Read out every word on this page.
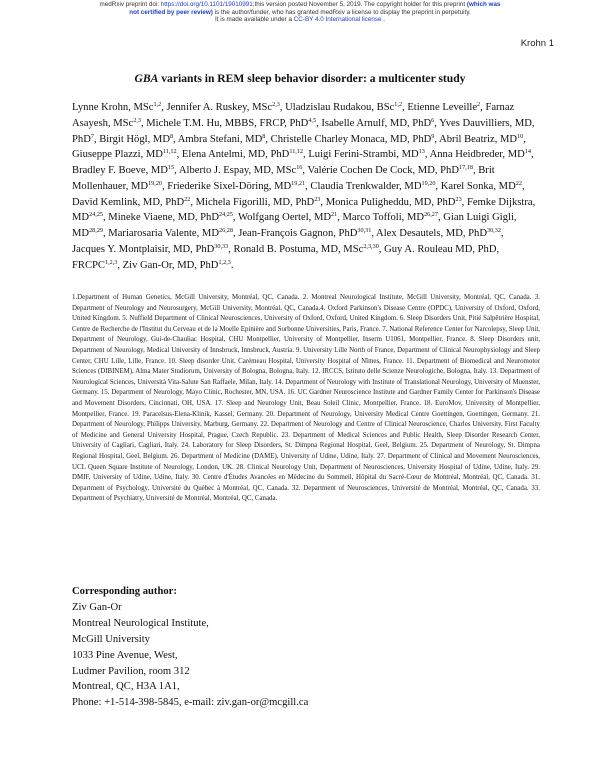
medRxiv preprint doi: https://doi.org/10.1101/19010991;this version posted November 5, 2019. The copyright holder for this preprint (which was
not certified by peer review) is the author/funder, who has granted medRxiv a license to display the preprint in perpetuity.
It is made available under a CC-BY 4.0 International license .
Krohn 1
GBA variants in REM sleep behavior disorder: a multicenter study
Lynne Krohn, MSc$^{1,2}$, Jennifer A. Ruskey, MSc$^{2,3}$, Uladzislau Rudakou, BSc$^{1,2}$, Etienne Leveille$^2$, Farnaz Asayesh, MSc$^{2,3}$, Michele T.M. Hu, MBBS, FRCP, PhD$^{4,5}$, Isabelle Arnulf, MD, PhD$^6$, Yves Dauvilliers, MD, PhD$^7$, Birgit Högl, $MD^8$, Ambra Stefani, $MD^8$, Christelle Charley Monaca, MD, PhD$^9$, Abril Beatriz, MD$^{10}$, Giuseppe Plazzi, MD$^{11,12}$, Elena Antelmi, MD, PhD$^{11,12}$, Luigi Ferini-Strambi, MD$^{13}$, Anna Heidbreder, MD$^{14}$, Bradley F. Boeve, MD$^{15}$, Alberto J. Espay, MD, MSc$^{16}$, Valérie Cochen De Cock, MD, PhD$^{17,18}$, Brit Mollenhauer, MD$^{19,20}$, Friederike Sixel-Döring, MD$^{19,21}$, Claudia Trenkwalder, MD$^{19,20}$, Karel Sonka, MD$^{22}$, David Kemlink, MD, PhD$^{22}$, Michela Figorilli, MD, PhD$^{23}$, Monica Puligheddu, MD, PhD$^{23}$, Femke Dijkstra, MD$^{24,25}$, Mineke Viaene, MD, PhD$^{24,25}$, Wolfgang Oertel, MD$^{21}$, Marco Toffoli, MD$^{26,27}$, Gian Luigi Gigli, MD$^{28,29}$, Mariarosaria Valente, MD$^{26,28}$, Jean-François Gagnon, PhD$^{30,31}$, Alex Desautels, MD, PhD$^{30,32}$, Jacques Y. Montplaisir, MD, PhD$^{30,33}$, Ronald B. Postuma, MD, MSc$^{2,3,30}$, Guy A. Rouleau MD, PhD, FRCPC$^{1,2,3}$, Ziv Gan-Or, MD, PhD$^{1,2,3}$.
1.Department of Human Genetics, McGill University, Montréal, QC, Canada. 2. Montreal Neurological Institute, McGill University, Montréal, QC, Canada. 3. Department of Neurology and Neurosurgery, McGill University, Montréal, QC, Canada.4. Oxford Parkinson's Disease Centre (OPDC), University of Oxford, Oxford, United Kingdom. 5. Nuffield Department of Clinical Neurosciences, University of Oxford, Oxford, United Kingdom. 6. Sleep Disorders Unit, Pitié Salpêtrière Hospital, Centre de Recherche de l'Institut du Cerveau et de la Moelle Epinière and Sorbonne Universities, Paris, France. 7. National Reference Center for Narcolepsy, Sleep Unit, Department of Neurology, Gui-de-Chauliac Hospital, CHU Montpellier, University of Montpellier, Inserm U1061, Montpellier, France. 8. Sleep Disorders unit, Department of Neurology, Medical University of Innsbruck, Innsbruck, Austria. 9. University Lille North of France, Department of Clinical Neurophysiology and Sleep Center, CHU Lille, Lille, France. 10. Sleep disorder Unit, Carémeau Hospital, University Hospital of Nîmes, France. 11. Department of Biomedical and Neuromotor Sciences (DIBINEM), Alma Mater Studiorum, University of Bologna, Bologna, Italy. 12. IRCCS, Istituto delle Scienze Neurologiche, Bologna, Italy. 13. Department of Neurological Sciences, Università Vita-Salute San Raffaele, Milan, Italy. 14. Department of Neurology with Institute of Translational Neurology, University of Muenster, Germany. 15. Department of Neurology, Mayo Clinic, Rochester, MN, USA. 16. UC Gardner Neuroscience Institute and Gardner Family Center for Parkinson's Disease and Movement Disorders, Cincinnati, OH, USA. 17. Sleep and Neurology Unit, Beau Soleil Clinic, Montpellier, France. 18. EuroMov, University of Montpellier, Montpellier, France. 19. Paracelsus-Elena-Klinik, Kassel, Germany. 20. Department of Neurology, University Medical Centre Goettingen, Goettingen, Germany. 21. Department of Neurology, Philipps University, Marburg, Germany. 22. Department of Neurology and Centre of Clinical Neuroscience, Charles University, First Faculty of Medicine and General University Hospital, Prague, Czech Republic. 23. Department of Medical Sciences and Public Health, Sleep Disorder Research Center, University of Cagliari, Cagliari, Italy. 24. Laboratory for Sleep Disorders, St. Dimpna Regional Hospital, Geel, Belgium. 25. Department of Neurology, St. Dimpna Regional Hospital, Geel, Belgium. 26. Department of Medicine (DAME), University of Udine, Udine, Italy. 27. Department of Clinical and Movement Neurosciences, UCL Queen Square Institute of Neurology, London, UK. 28. Clinical Neurology Unit, Department of Neurosciences, University Hospital of Udine, Udine, Italy. 29. DMIF, University of Udine, Udine, Italy. 30. Centre d'Études Avancées en Médecine du Sommeil, Hôpital du Sacré-Cœur de Montréal, Montréal, QC, Canada. 31. Department of Psychology, Université du Québec à Montréal, QC, Canada. 32. Department of Neurosciences, Université de Montréal, Montréal, QC, Canada. 33. Department of Psychiatry, Université de Montréal, Montréal, QC, Canada.
Corresponding author:
Ziv Gan-Or
Montreal Neurological Institute,
McGill University
1033 Pine Avenue, West,
Ludmer Pavilion, room 312
Montreal, QC, H3A 1A1,
Phone: +1-514-398-5845, e-mail: ziv.gan-or@mcgill.ca
